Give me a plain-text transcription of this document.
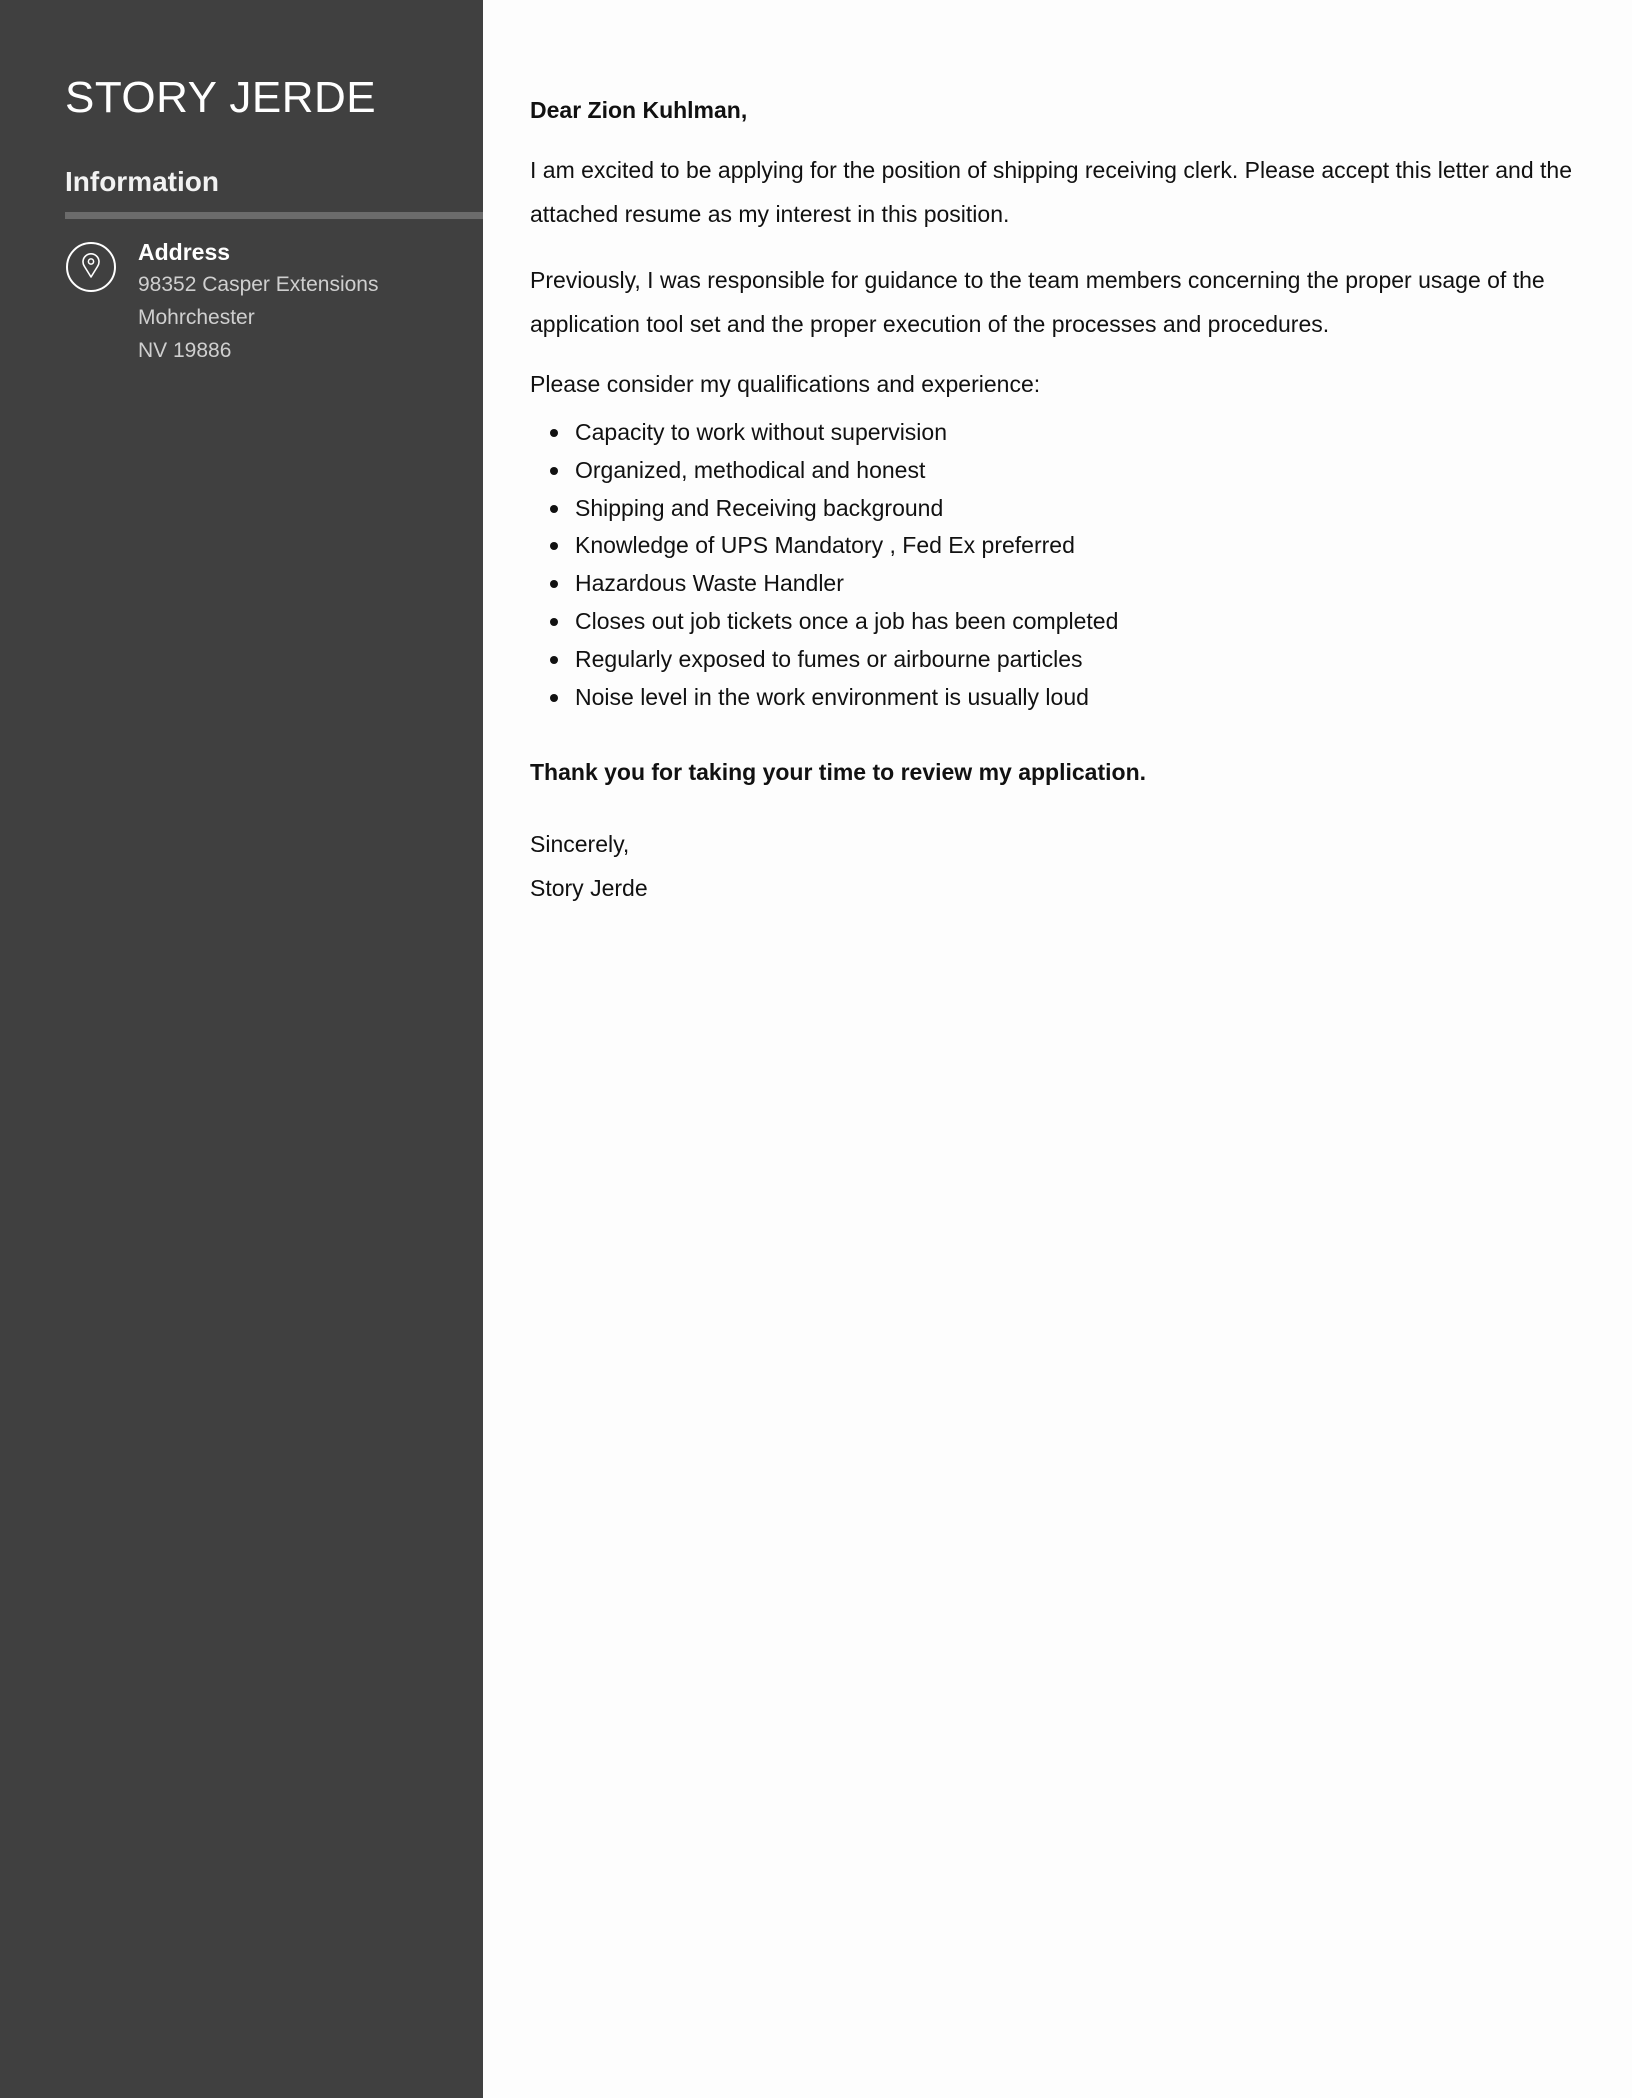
STORY JERDE
Information
Address
98352 Casper Extensions
Mohrchester
NV 19886

Dear Zion Kuhlman,

I am excited to be applying for the position of shipping receiving clerk. Please accept this letter and the attached resume as my interest in this position.

Previously, I was responsible for guidance to the team members concerning the proper usage of the application tool set and the proper execution of the processes and procedures.

Please consider my qualifications and experience:

Capacity to work without supervision
Organized, methodical and honest
Shipping and Receiving background
Knowledge of UPS Mandatory , Fed Ex preferred
Hazardous Waste Handler
Closes out job tickets once a job has been completed
Regularly exposed to fumes or airbourne particles
Noise level in the work environment is usually loud

Thank you for taking your time to review my application.

Sincerely,

Story Jerde
